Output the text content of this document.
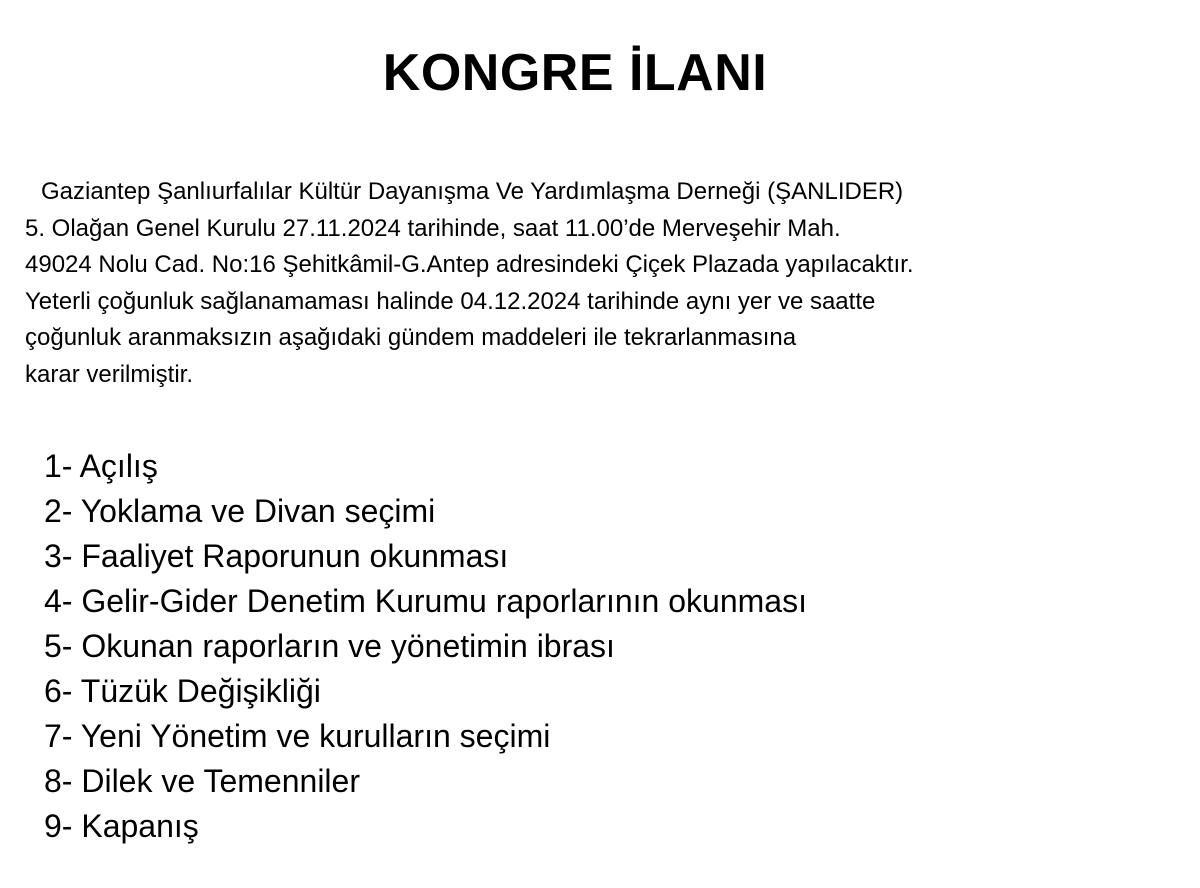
KONGRE İLANI
Gaziantep Şanlıurfalılar Kültür Dayanışma Ve Yardımlaşma Derneği (ŞANLIDER)
5. Olağan Genel Kurulu 27.11.2024 tarihinde, saat 11.00’de Merveşehir Mah.
49024 Nolu Cad. No:16 Şehitkâmil-G.Antep adresindeki Çiçek Plazada yapılacaktır.
Yeterli çoğunluk sağlanamaması halinde 04.12.2024 tarihinde aynı yer ve saatte
çoğunluk aranmaksızın aşağıdaki gündem maddeleri ile tekrarlanmasına
karar verilmiştir.
1- Açılış
2- Yoklama ve Divan seçimi
3- Faaliyet Raporunun okunması
4- Gelir-Gider Denetim Kurumu raporlarının okunması
5- Okunan raporların ve yönetimin ibrası
6- Tüzük Değişikliği
7- Yeni Yönetim ve kurulların seçimi
8- Dilek ve Temenniler
9- Kapanış
